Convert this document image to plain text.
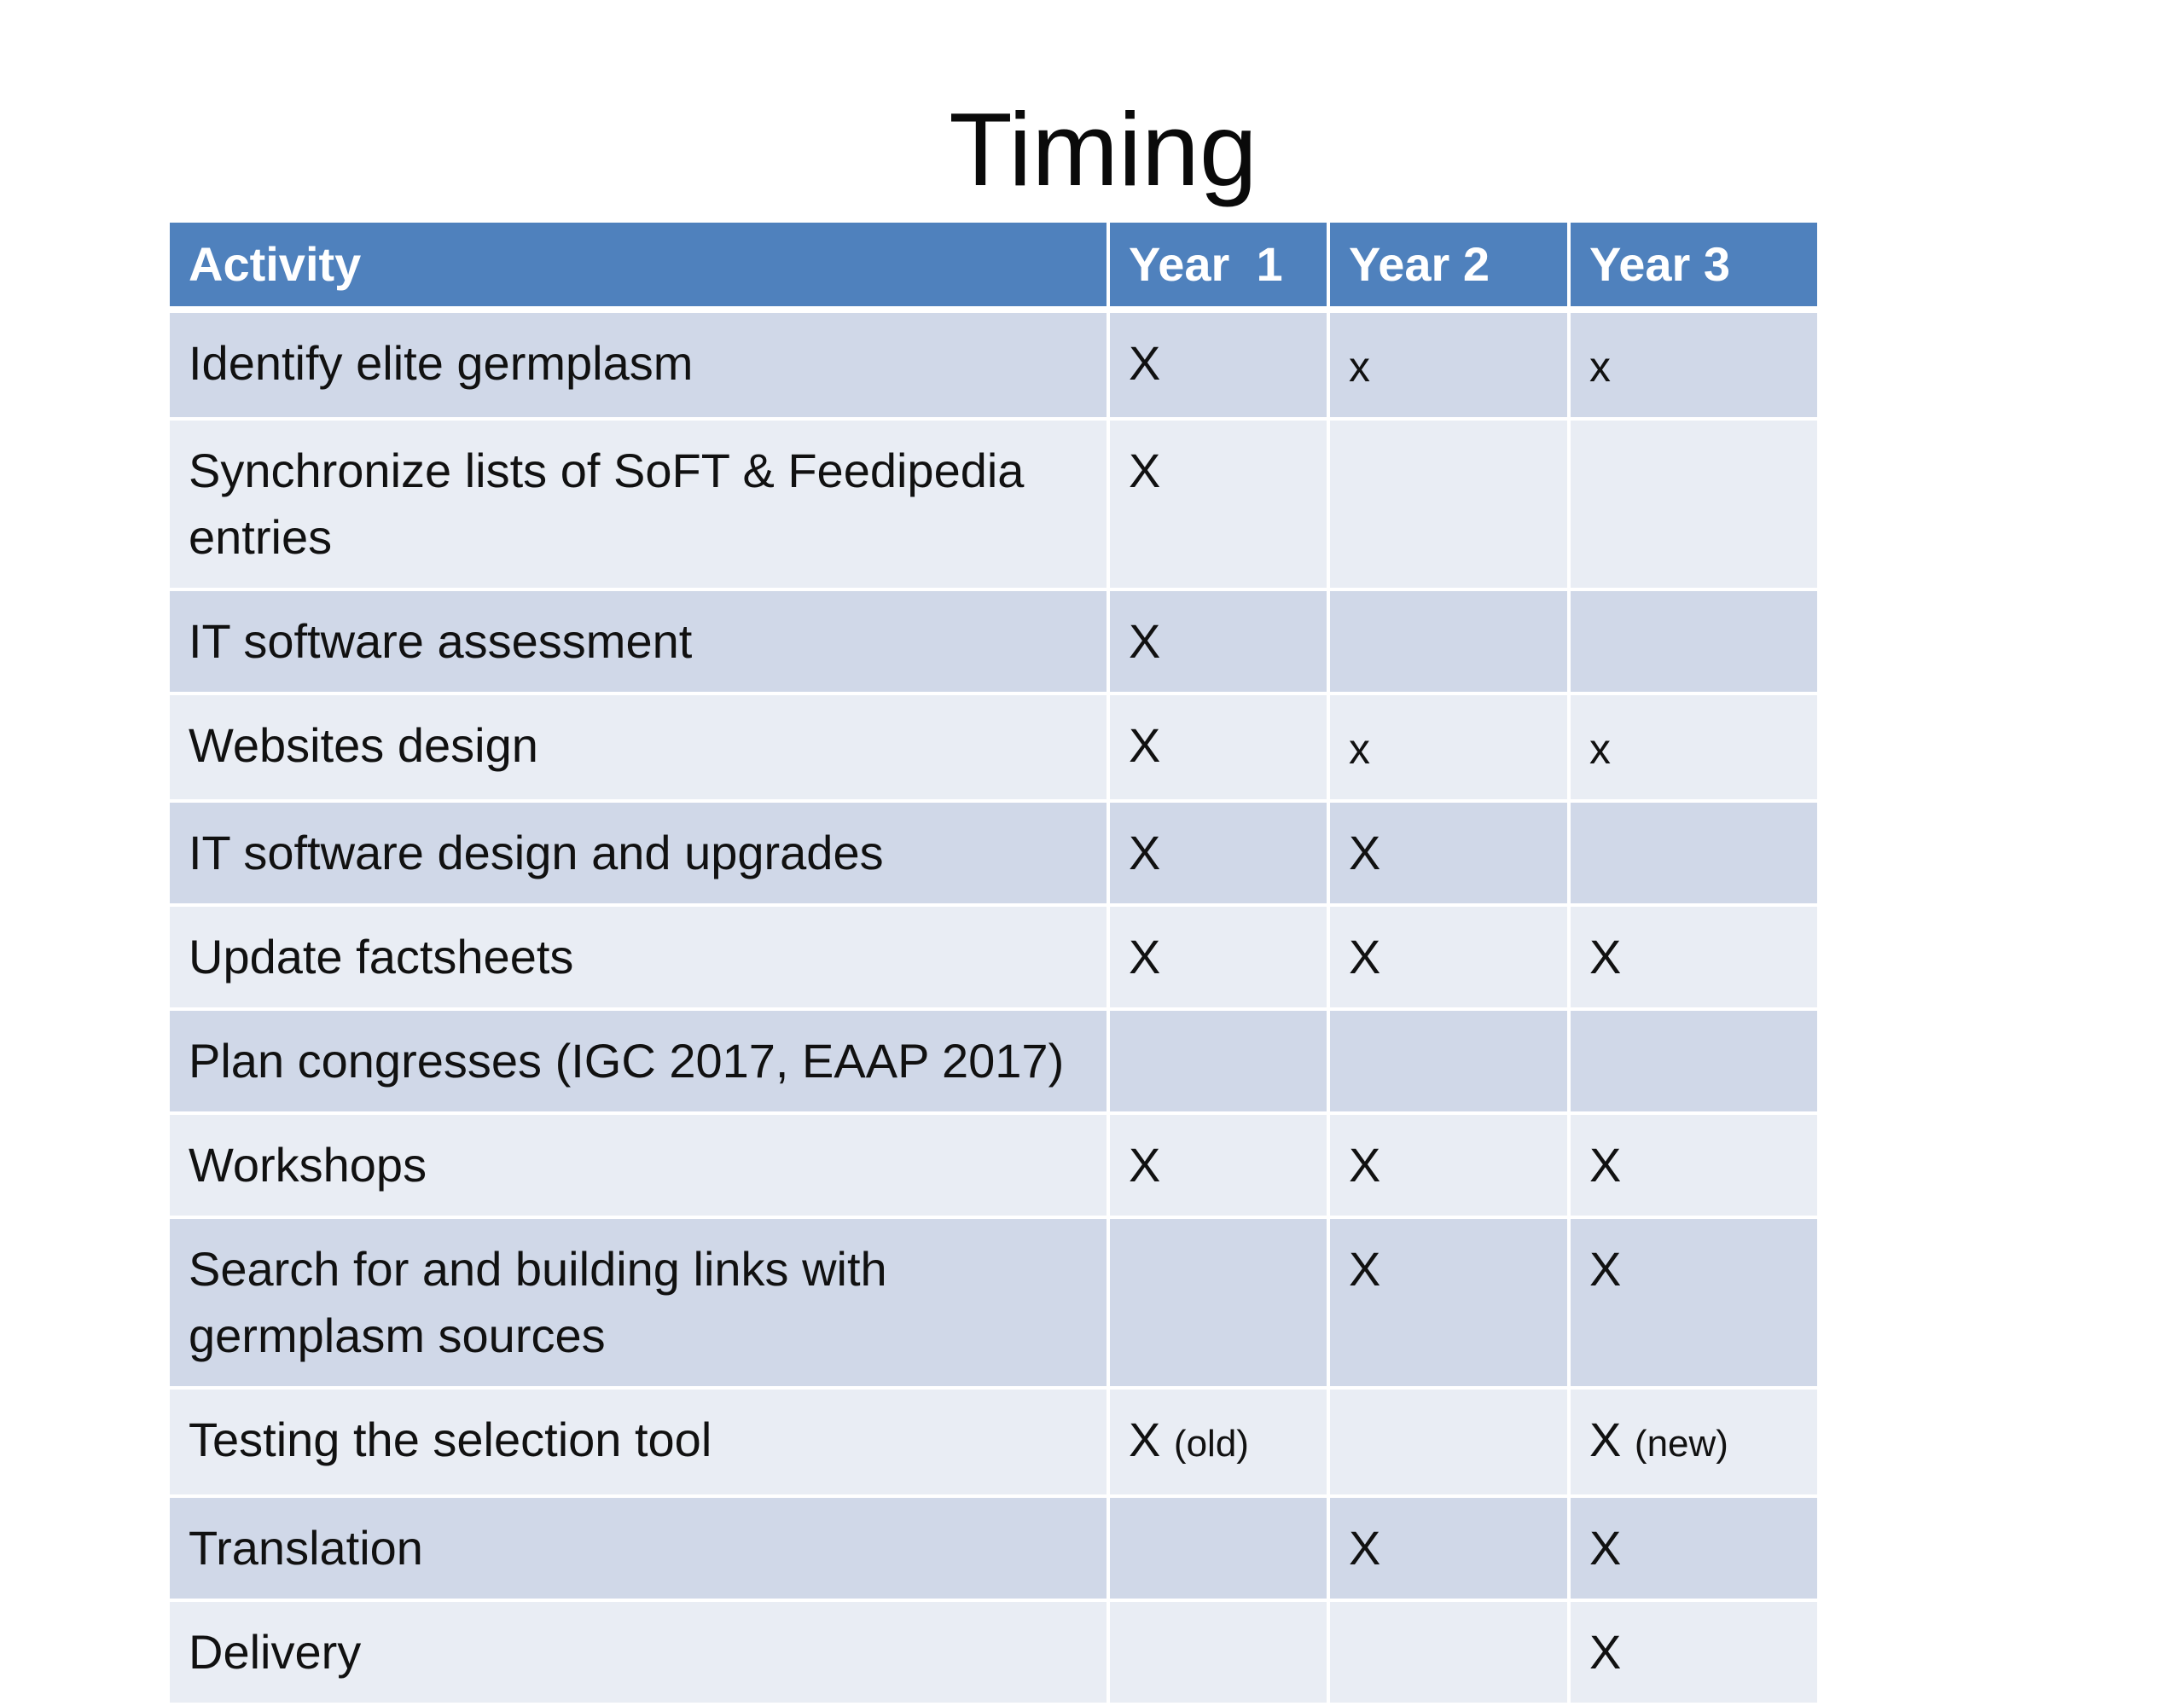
Timing
Activity	Year  1	Year 2	Year 3
Identify elite germplasm	X	x	x
Synchronize lists of SoFT & Feedipedia entries	X		
IT software assessment	X		
Websites design	X	x	x
IT software design and upgrades	X	X	
Update factsheets	X	X	X
Plan congresses (IGC 2017, EAAP 2017)			
Workshops	X	X	X
Search for and building links with germplasm sources		X	X
Testing the selection tool	X (old)		X (new)
Translation		X	X
Delivery			X
